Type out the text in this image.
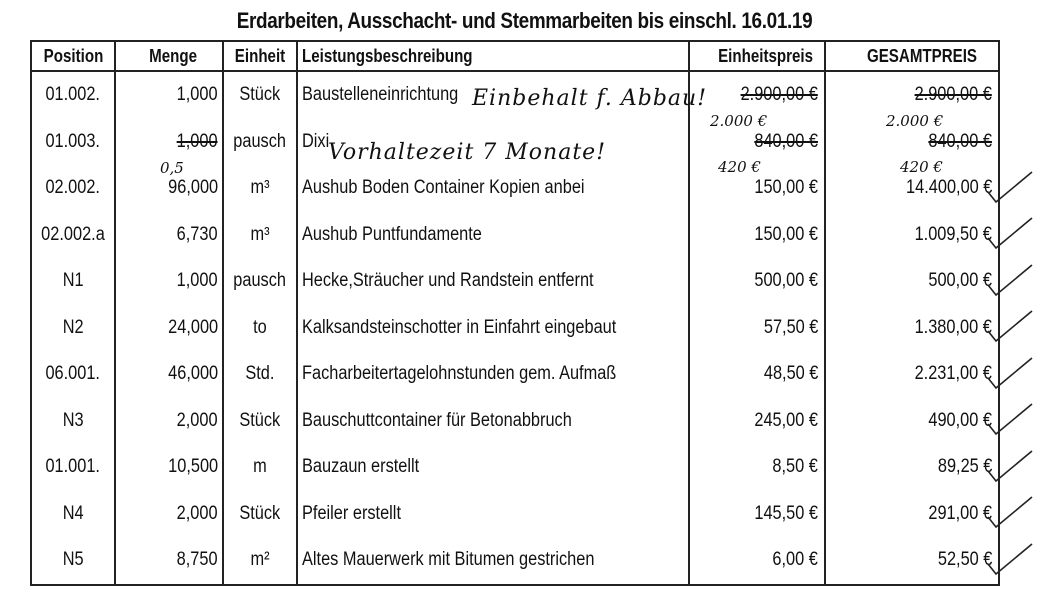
Erdarbeiten, Ausschacht- und Stemmarbeiten bis einschl. 16.01.19
Position	Menge	Einheit	Leistungsbeschreibung	Einheitspreis	GESAMTPREIS
01.002.	1,000	Stück	Baustelleneinrichtung	2.900,00 €	2.900,00 €
01.003.	1,000	pausch	Dixi	840,00 €	840,00 €
02.002.	96,000	m³	Aushub Boden Container Kopien anbei	150,00 €	14.400,00 €
02.002.a	6,730	m³	Aushub Puntfundamente	150,00 €	1.009,50 €
N1	1,000	pausch	Hecke,Sträucher und Randstein entfernt	500,00 €	500,00 €
N2	24,000	to	Kalksandsteinschotter in Einfahrt eingebaut	57,50 €	1.380,00 €
06.001.	46,000	Std.	Facharbeitertagelohnstunden gem. Aufmaß	48,50 €	2.231,00 €
N3	2,000	Stück	Bauschuttcontainer für Betonabbruch	245,00 €	490,00 €
01.001.	10,500	m	Bauzaun erstellt	8,50 €	89,25 €
N4	2,000	Stück	Pfeiler erstellt	145,50 €	291,00 €
N5	8,750	m²	Altes Mauerwerk mit Bitumen gestrichen	6,00 €	52,50 €
Einbehalt f. Abbau!
2.000 €	2.000 €
Vorhaltezeit 7 Monate!
0,5	420 €	420 €
